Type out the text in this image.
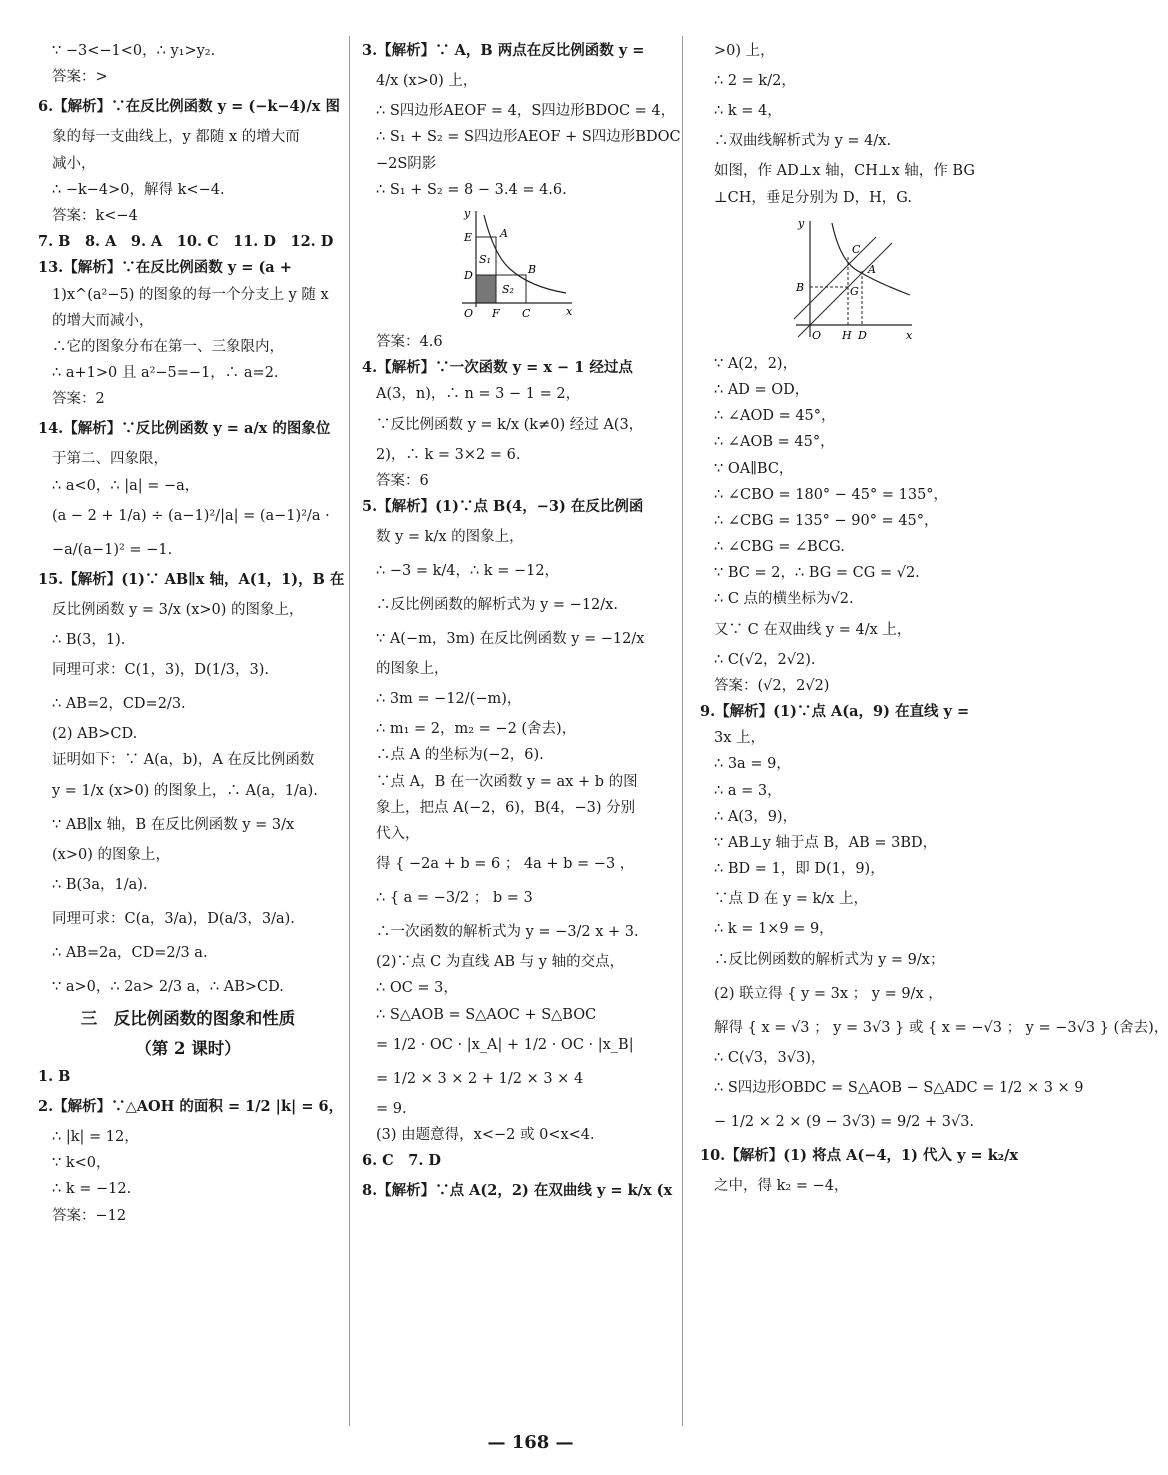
∵ −3<−1<0，∴ y₁>y₂.
答案：>
6.【解析】∵在反比例函数 y = (−k−4)/x 图
象的每一支曲线上，y 都随 x 的增大而
减小，
∴ −k−4>0，解得 k<−4.
答案：k<−4
7. B　8. A　9. A　10. C　11. D　12. D
13.【解析】∵在反比例函数 y = (a +
1)x^(a²−5) 的图象的每一个分支上 y 随 x
的增大而减小，
∴它的图象分布在第一、三象限内，
∴ a+1>0 且 a²−5=−1，∴ a=2.
答案：2
14.【解析】∵反比例函数 y = a/x 的图象位
于第二、四象限，
∴ a<0，∴ |a| = −a，
(a − 2 + 1/a) ÷ (a−1)²/|a| = (a−1)²/a ·
−a/(a−1)² = −1.
15.【解析】(1)∵ AB∥x 轴，A(1，1)，B 在
反比例函数 y = 3/x (x>0) 的图象上，
∴ B(3，1).
同理可求：C(1，3)，D(1/3，3).
∴ AB=2，CD=2/3.
(2) AB>CD.
证明如下：∵ A(a，b)，A 在反比例函数
y = 1/x (x>0) 的图象上，∴ A(a，1/a).
∵ AB∥x 轴，B 在反比例函数 y = 3/x
(x>0) 的图象上，
∴ B(3a，1/a).
同理可求：C(a，3/a)，D(a/3，3/a).
∴ AB=2a，CD=2/3 a.
∵ a>0，∴ 2a> 2/3 a，∴ AB>CD.
三　反比例函数的图象和性质
（第 2 课时）
1. B
2.【解析】∵△AOH 的面积 = 1/2 |k| = 6，
∴ |k| = 12，
∵ k<0，
∴ k = −12.
答案：−12
3.【解析】∵ A，B 两点在反比例函数 y =
4/x (x>0) 上，
∴ S四边形AEOF = 4，S四边形BDOC = 4，
∴ S₁ + S₂ = S四边形AEOF + S四边形BDOC
−2S阴影
∴ S₁ + S₂ = 8 − 3.4 = 4.6.
y
A
E
S₁
B
D
S₂
O F C	x
答案：4.6
4.【解析】∵一次函数 y = x − 1 经过点
A(3，n)，∴ n = 3 − 1 = 2，
∵反比例函数 y = k/x (k≠0) 经过 A(3，
2)，∴ k = 3×2 = 6.
答案：6
5.【解析】(1)∵点 B(4，−3) 在反比例函
数 y = k/x 的图象上，
∴ −3 = k/4，∴ k = −12，
∴反比例函数的解析式为 y = −12/x.
∵ A(−m，3m) 在反比例函数 y = −12/x
的图象上，
∴ 3m = −12/(−m)，
∴ m₁ = 2，m₂ = −2 (舍去)，
∴点 A 的坐标为(−2，6).
∵点 A，B 在一次函数 y = ax + b 的图
象上，把点 A(−2，6)，B(4，−3) 分别
代入，
得 { −2a + b = 6 ； 4a + b = −3 ，
∴ { a = −3/2 ； b = 3
∴一次函数的解析式为 y = −3/2 x + 3.
(2)∵点 C 为直线 AB 与 y 轴的交点，
∴ OC = 3，
∴ S△AOB = S△AOC + S△BOC
= 1/2 · OC · |x_A| + 1/2 · OC · |x_B|
= 1/2 × 3 × 2 + 1/2 × 3 × 4
= 9.
(3) 由题意得，x<−2 或 0<x<4.
6. C　7. D
8.【解析】∵点 A(2，2) 在双曲线 y = k/x (x
>0) 上，
∴ 2 = k/2，
∴ k = 4，
∴双曲线解析式为 y = 4/x.
如图，作 AD⊥x 轴，CH⊥x 轴，作 BG
⊥CH，垂足分别为 D，H，G.
y
C
A
B	G
O H D	x
∵ A(2，2)，
∴ AD = OD，
∴ ∠AOD = 45°，
∴ ∠AOB = 45°，
∵ OA∥BC，
∴ ∠CBO = 180° − 45° = 135°，
∴ ∠CBG = 135° − 90° = 45°，
∴ ∠CBG = ∠BCG.
∵ BC = 2，∴ BG = CG = √2.
∴ C 点的横坐标为√2.
又∵ C 在双曲线 y = 4/x 上，
∴ C(√2，2√2).
答案：(√2，2√2)
9.【解析】(1)∵点 A(a，9) 在直线 y =
3x 上，
∴ 3a = 9，
∴ a = 3，
∴ A(3，9)，
∵ AB⊥y 轴于点 B，AB = 3BD，
∴ BD = 1，即 D(1，9)，
∵点 D 在 y = k/x 上，
∴ k = 1×9 = 9，
∴反比例函数的解析式为 y = 9/x；
(2) 联立得 { y = 3x ； y = 9/x ，
解得 { x = √3 ； y = 3√3 } 或 { x = −√3 ； y = −3√3 } (舍去)，
∴ C(√3，3√3)，
∴ S四边形OBDC = S△AOB − S△ADC = 1/2 × 3 × 9
− 1/2 × 2 × (9 − 3√3) = 9/2 + 3√3.
10.【解析】(1) 将点 A(−4，1) 代入 y = k₂/x
之中，得 k₂ = −4，
— 168 —
